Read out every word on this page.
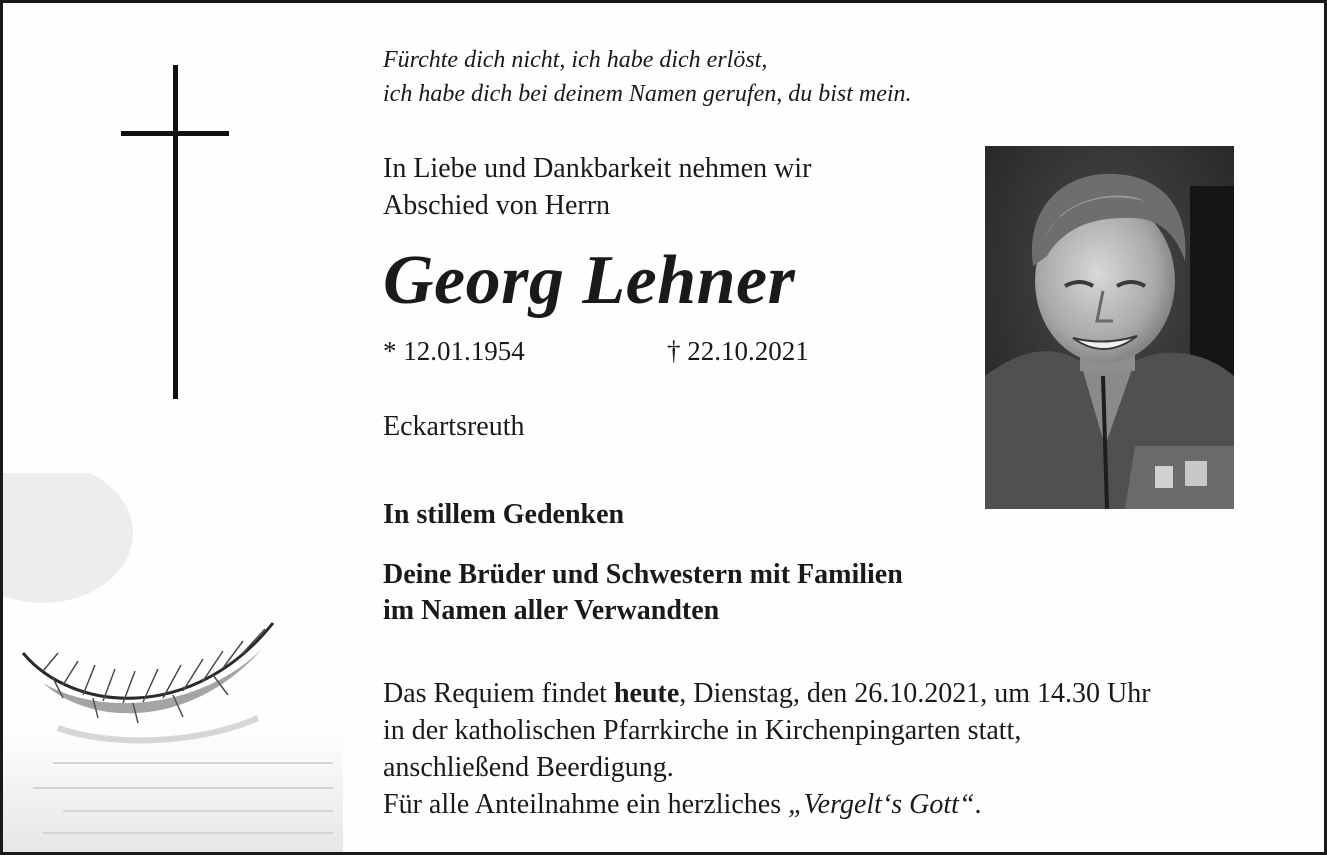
Fürchte dich nicht, ich habe dich erlöst,
ich habe dich bei deinem Namen gerufen, du bist mein.
In Liebe und Dankbarkeit nehmen wir
Abschied von Herrn
Georg Lehner
* 12.01.1954	† 22.10.2021
Eckartsreuth
In stillem Gedenken
Deine Brüder und Schwestern mit Familien
im Namen aller Verwandten
Das Requiem findet heute, Dienstag, den 26.10.2021, um 14.30 Uhr
in der katholischen Pfarrkirche in Kirchenpingarten statt,
anschließend Beerdigung.
Für alle Anteilnahme ein herzliches „Vergelt‘s Gott“.
